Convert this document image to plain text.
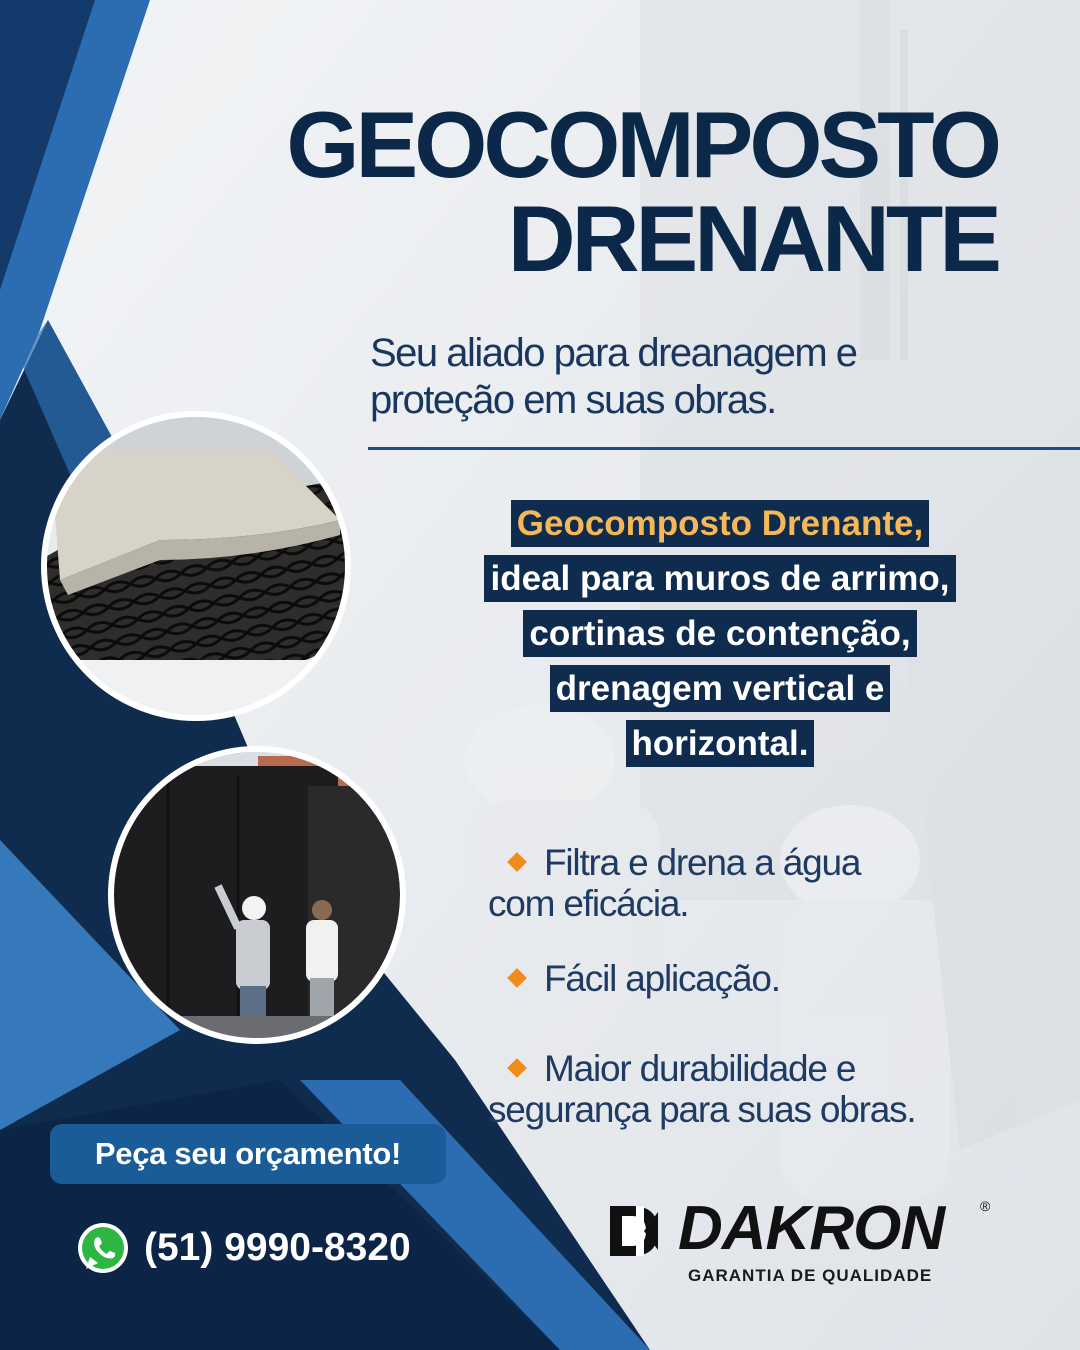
GEOCOMPOSTO
DRENANTE

Seu aliado para dreanagem e
proteção em suas obras.

Geocomposto Drenante,
ideal para muros de arrimo,
cortinas de contenção,
drenagem vertical e
horizontal.
Filtra e drena a água
com eficácia.
Fácil aplicação.
Maior durabilidade e
segurança para suas obras.
Peça seu orçamento!
(51) 9990-8320	DAKRON	®
GARANTIA DE QUALIDADE
